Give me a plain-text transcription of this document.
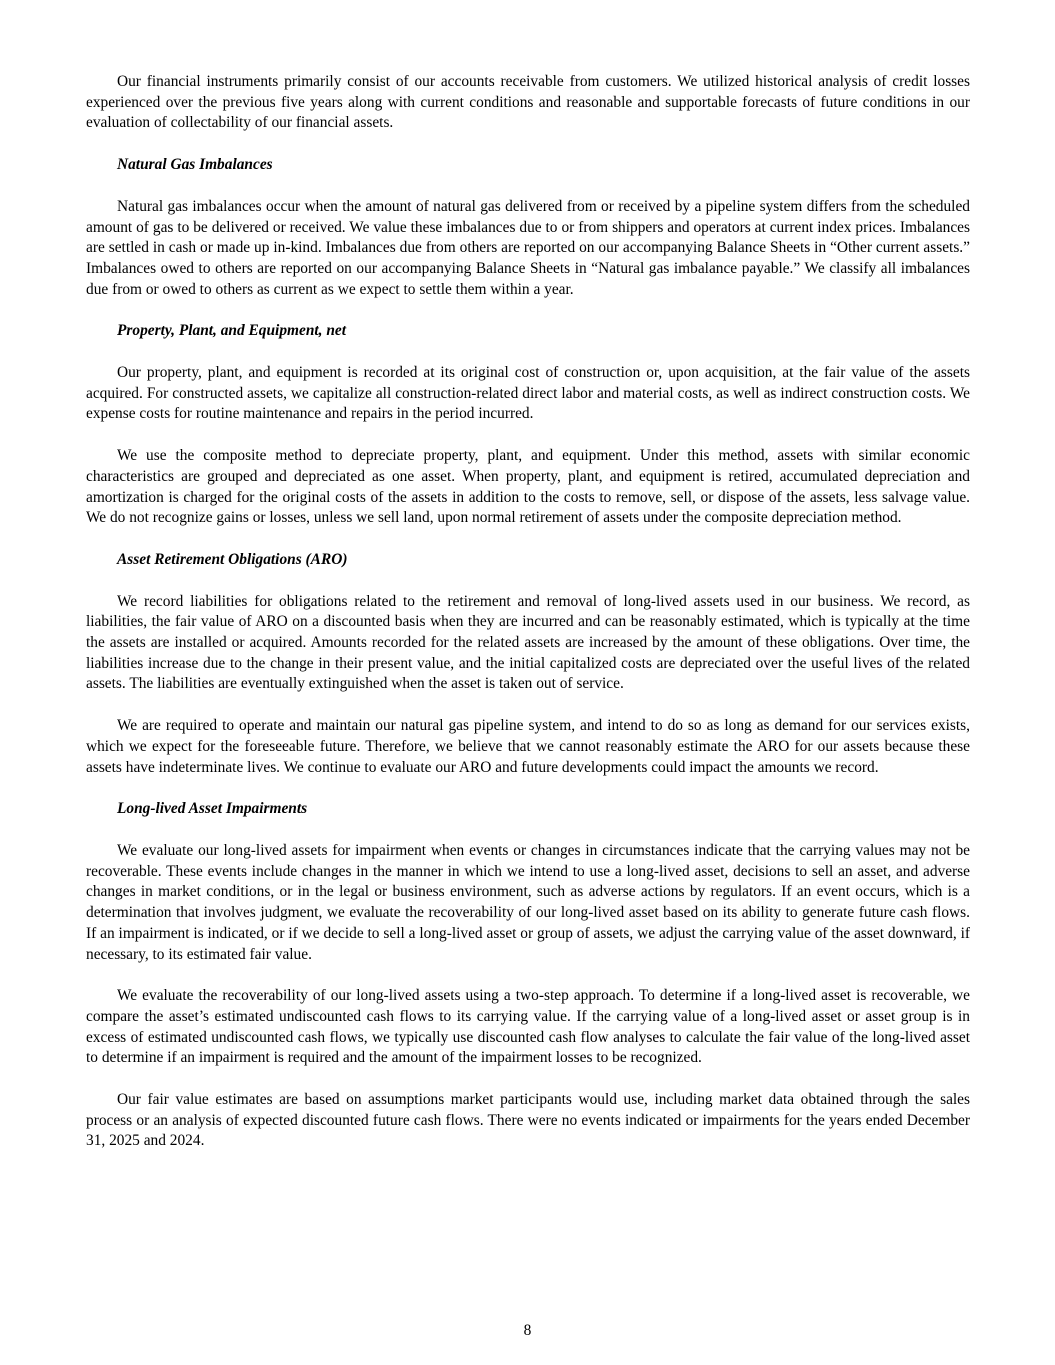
Our financial instruments primarily consist of our accounts receivable from customers. We utilized historical analysis of credit losses experienced over the previous five years along with current conditions and reasonable and supportable forecasts of future conditions in our evaluation of collectability of our financial assets.

Natural Gas Imbalances

Natural gas imbalances occur when the amount of natural gas delivered from or received by a pipeline system differs from the scheduled amount of gas to be delivered or received. We value these imbalances due to or from shippers and operators at current index prices. Imbalances are settled in cash or made up in-kind. Imbalances due from others are reported on our accompanying Balance Sheets in “Other current assets.” Imbalances owed to others are reported on our accompanying Balance Sheets in “Natural gas imbalance payable.” We classify all imbalances due from or owed to others as current as we expect to settle them within a year.

Property, Plant, and Equipment, net

Our property, plant, and equipment is recorded at its original cost of construction or, upon acquisition, at the fair value of the assets acquired. For constructed assets, we capitalize all construction-related direct labor and material costs, as well as indirect construction costs. We expense costs for routine maintenance and repairs in the period incurred.

We use the composite method to depreciate property, plant, and equipment. Under this method, assets with similar economic characteristics are grouped and depreciated as one asset. When property, plant, and equipment is retired, accumulated depreciation and amortization is charged for the original costs of the assets in addition to the costs to remove, sell, or dispose of the assets, less salvage value. We do not recognize gains or losses, unless we sell land, upon normal retirement of assets under the composite depreciation method.

Asset Retirement Obligations (ARO)

We record liabilities for obligations related to the retirement and removal of long-lived assets used in our business. We record, as liabilities, the fair value of ARO on a discounted basis when they are incurred and can be reasonably estimated, which is typically at the time the assets are installed or acquired. Amounts recorded for the related assets are increased by the amount of these obligations. Over time, the liabilities increase due to the change in their present value, and the initial capitalized costs are depreciated over the useful lives of the related assets. The liabilities are eventually extinguished when the asset is taken out of service.

We are required to operate and maintain our natural gas pipeline system, and intend to do so as long as demand for our services exists, which we expect for the foreseeable future. Therefore, we believe that we cannot reasonably estimate the ARO for our assets because these assets have indeterminate lives. We continue to evaluate our ARO and future developments could impact the amounts we record.

Long-lived Asset Impairments

We evaluate our long-lived assets for impairment when events or changes in circumstances indicate that the carrying values may not be recoverable. These events include changes in the manner in which we intend to use a long-lived asset, decisions to sell an asset, and adverse changes in market conditions, or in the legal or business environment, such as adverse actions by regulators. If an event occurs, which is a determination that involves judgment, we evaluate the recoverability of our long-lived asset based on its ability to generate future cash flows. If an impairment is indicated, or if we decide to sell a long-lived asset or group of assets, we adjust the carrying value of the asset downward, if necessary, to its estimated fair value.

We evaluate the recoverability of our long-lived assets using a two-step approach. To determine if a long-lived asset is recoverable, we compare the asset’s estimated undiscounted cash flows to its carrying value. If the carrying value of a long-lived asset or asset group is in excess of estimated undiscounted cash flows, we typically use discounted cash flow analyses to calculate the fair value of the long-lived asset to determine if an impairment is required and the amount of the impairment losses to be recognized.

Our fair value estimates are based on assumptions market participants would use, including market data obtained through the sales process or an analysis of expected discounted future cash flows. There were no events indicated or impairments for the years ended December 31, 2025 and 2024.

8
